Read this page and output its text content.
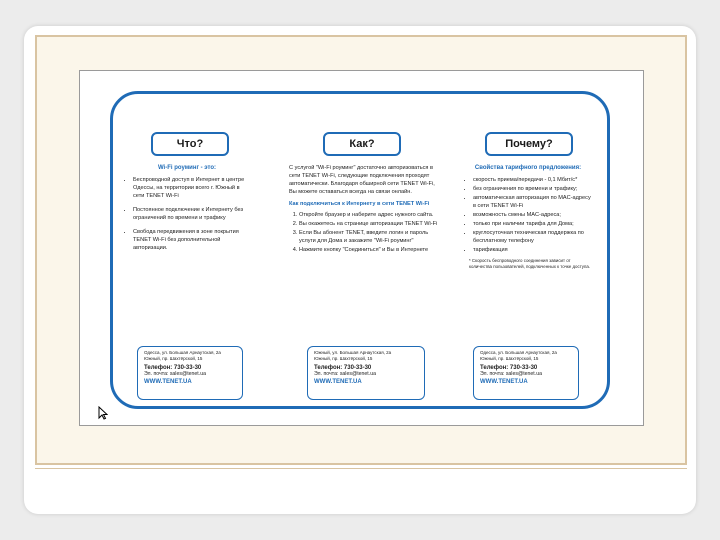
Что?	Как?	Почему?
Wi-Fi роуминг - это:
• Беспроводной доступ в Интернет в центре Одессы, на территории всего г. Южный в сети TENET Wi-Fi
• Постоянное подключение к Интернету без ограничений по времени и трафику
• Свобода передвижения в зоне покрытия TENET Wi-Fi без дополнительной авторизации.

С услугой "Wi-Fi роуминг" достаточно авторизоваться в сети TENET Wi-Fi, следующие подключения проходят автоматически. Благодаря обширной сети TENET Wi-Fi, Вы можете оставаться всегда на связи онлайн.

Как подключиться к Интернету в сети TENET Wi-Fi
1. Откройте браузер и наберите адрес нужного сайта.
2. Вы окажетесь на странице авторизации TENET Wi-Fi
3. Если Вы абонент TENET, введите логин и пароль услуги для Дома и закажите "Wi-Fi роуминг"
4. Нажмите кнопку "Соединиться" и Вы в Интернете
Свойства тарифного предложения:
• скорость приема/передачи - 0,1 Мбит/с*
• без ограничения по времени и трафику;
• автоматическая авторизация по MAC-адресу в сети TENET Wi-Fi
• возможность смены MAC-адреса;
• только при наличии тарифа для Дома;
• круглосуточная техническая поддержка по бесплатному телефону
• тарификация
* Скорость беспроводного соединения зависит от количества пользователей, подключенных к точке доступа.
Одесса, ул. Большая Арнаутская, 2а
Южный, пр. Шахтёрской, 15
Телефон: 730-33-30
Эл. почта: sales@tenet.ua
WWW.TENET.UA
Южный, ул. Большая Арнаутская, 2а
Южный, пр. Шахтёрской, 15
Телефон: 730-33-30
Эл. почта: sales@tenet.ua
WWW.TENET.UA
Одесса, ул. Большая Арнаутская, 2а
Южный, пр. Шахтёрской, 15
Телефон: 730-33-30
Эл. почта: sales@tenet.ua
WWW.TENET.UA
